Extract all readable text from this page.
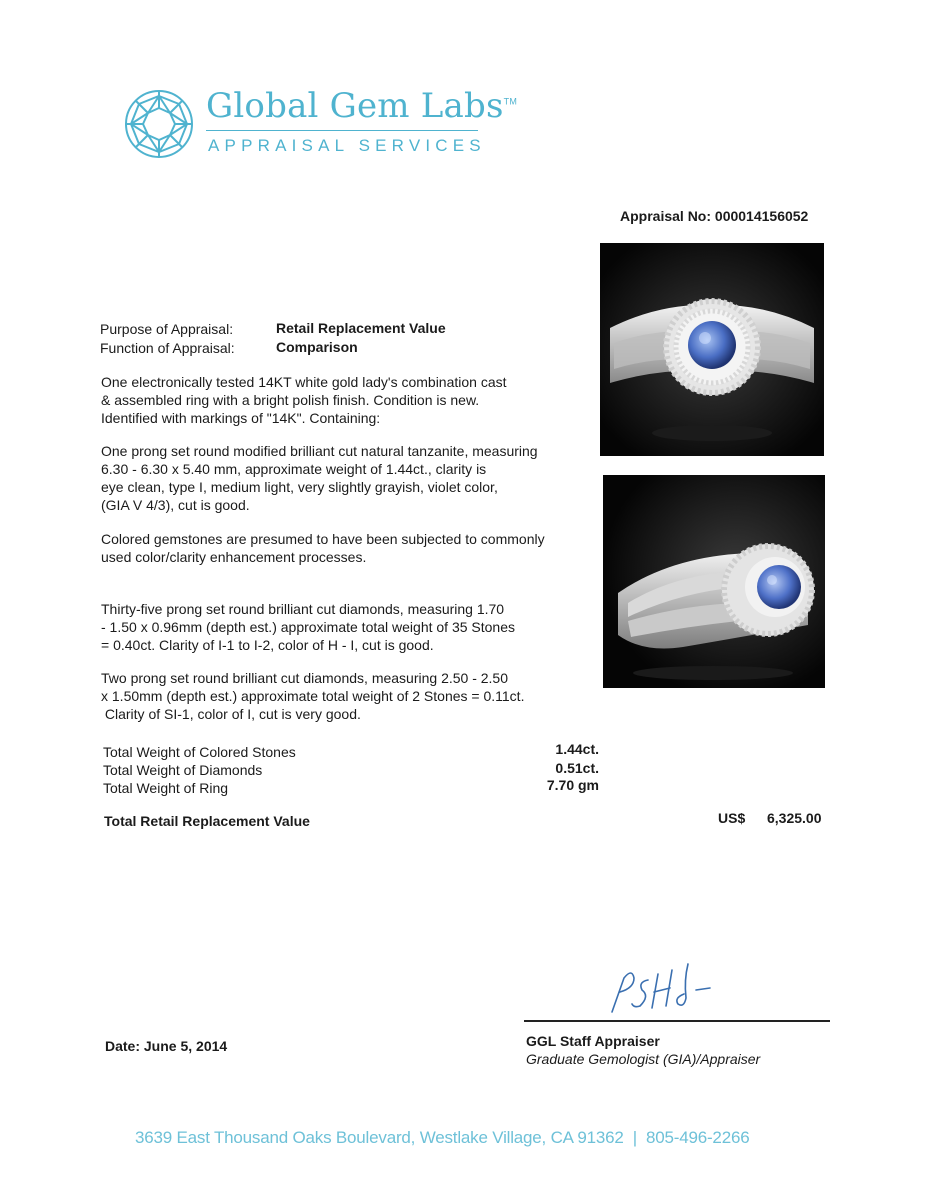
Global Gem Labs™
APPRAISAL SERVICES
Appraisal No: 000014156052
Purpose of Appraisal:	Retail Replacement Value
Function of Appraisal:	Comparison
One electronically tested 14KT white gold lady's combination cast
& assembled ring with a bright polish finish. Condition is new.
Identified with markings of "14K". Containing:
One prong set round modified brilliant cut natural tanzanite, measuring
6.30 - 6.30 x 5.40 mm, approximate weight of 1.44ct., clarity is
eye clean, type I, medium light, very slightly grayish, violet color,
(GIA V 4/3), cut is good.
Colored gemstones are presumed to have been subjected to commonly
used color/clarity enhancement processes.
Thirty-five prong set round brilliant cut diamonds, measuring 1.70
- 1.50 x 0.96mm (depth est.) approximate total weight of 35 Stones
= 0.40ct. Clarity of I-1 to I-2, color of H - I, cut is good.
Two prong set round brilliant cut diamonds, measuring 2.50 - 2.50
x 1.50mm (depth est.) approximate total weight of 2 Stones = 0.11ct.
Clarity of SI-1, color of I, cut is very good.
Total Weight of Colored Stones	1.44ct.
Total Weight of Diamonds	0.51ct.
Total Weight of Ring	7.70 gm
Total Retail Replacement Value	US$ 6,325.00
GGL Staff Appraiser
Graduate Gemologist (GIA)/Appraiser
Date: June 5, 2014
3639 East Thousand Oaks Boulevard, Westlake Village, CA 91362  |  805-496-2266
